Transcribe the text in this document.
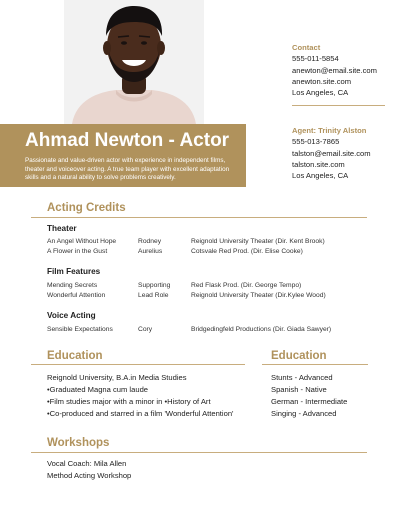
Ahmad Newton - Actor
Passionate and value-driven actor with experience in independent films, theater and voiceover acting. A true team player with excellent adaptation skills and a natural ability to solve problems creatively.
Contact
555-011-5854
anewton@email.site.com
anewton.site.com
Los Angeles, CA
Agent: Trinity Alston
555-013-7865
talston@email.site.com
talston.site.com
Los Angeles, CA
Acting Credits
Theater
An Angel Without Hope	Rodney	Reignold University Theater (Dir. Kent Brook)
A Flower in the Gust	Aurelius	Cotsvale Red Prod. (Dir. Elise Cooke)
Film Features
Mending Secrets	Supporting	Red Flask Prod. (Dir. George Tempo)
Wonderful Attention	Lead Role	Reignold University Theater (Dir.Kylee Wood)
Voice Acting
Sensible Expectations	Cory	Bridgedingfeld Productions (Dir. Giada Sawyer)
Education
Reignold University, B.A.in Media Studies
•Graduated Magna cum laude
•Film studies major with a minor in •History of Art
•Co-produced and starred in a film 'Wonderful Attention'
Education
Stunts - Advanced
Spanish - Native
German - Intermediate
Singing - Advanced
Workshops
Vocal Coach: Mila Allen
Method Acting Workshop
